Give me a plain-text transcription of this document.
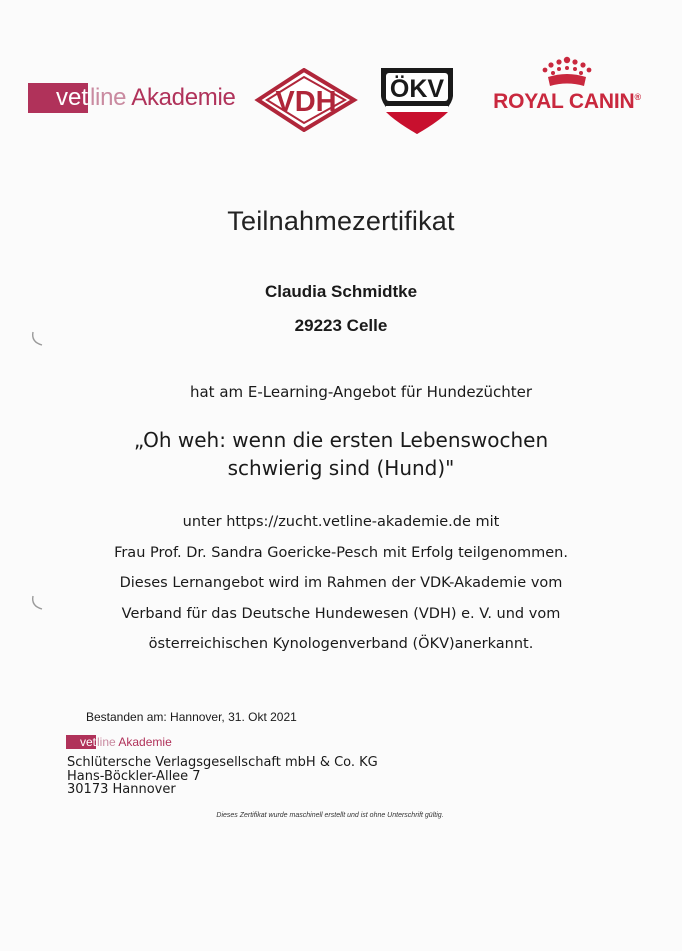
vet line Akademie VDH ÖKV ROYAL CANIN®
Teilnahmezertifikat
Claudia Schmidtke
29223 Celle
hat am E-Learning-Angebot für Hundezüchter
„Oh weh: wenn die ersten Lebenswochen
schwierig sind (Hund)"
unter https://zucht.vetline-akademie.de mit
Frau Prof. Dr. Sandra Goericke-Pesch mit Erfolg teilgenommen.
Dieses Lernangebot wird im Rahmen der VDK-Akademie vom
Verband für das Deutsche Hundewesen (VDH) e. V. und vom
österreichischen Kynologenverband (ÖKV)anerkannt.
Bestanden am: Hannover, 31. Okt 2021
vet line Akademie
Schlütersche Verlagsgesellschaft mbH & Co. KG
Hans-Böckler-Allee 7
30173 Hannover
Dieses Zertifikat wurde maschinell erstellt und ist ohne Unterschrift gültig.
